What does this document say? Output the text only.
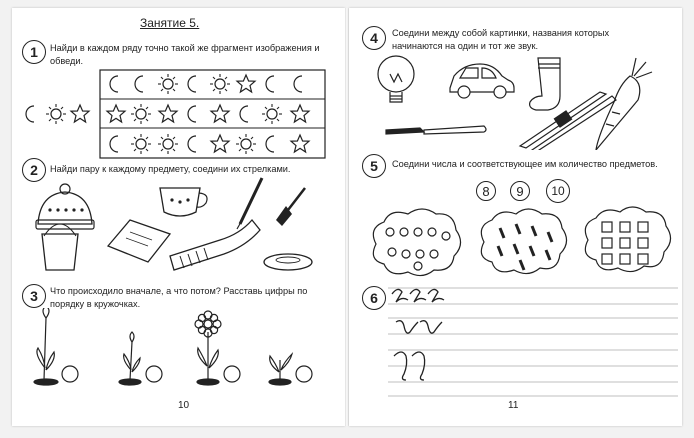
Занятие 5.
1	Найди в каждом ряду точно такой же фрагмент изображения и обведи.
2	Найди пару к каждому предмету, соедини их стрелками.
3	Что происходило вначале, а что потом? Расставь цифры по порядку в кружочках.
10
4	Соедини между собой картинки, названия которых начинаются на один и тот же звук.
5	Соедини числа и соответствующее им количество предметов.
8	9	10
6
11
